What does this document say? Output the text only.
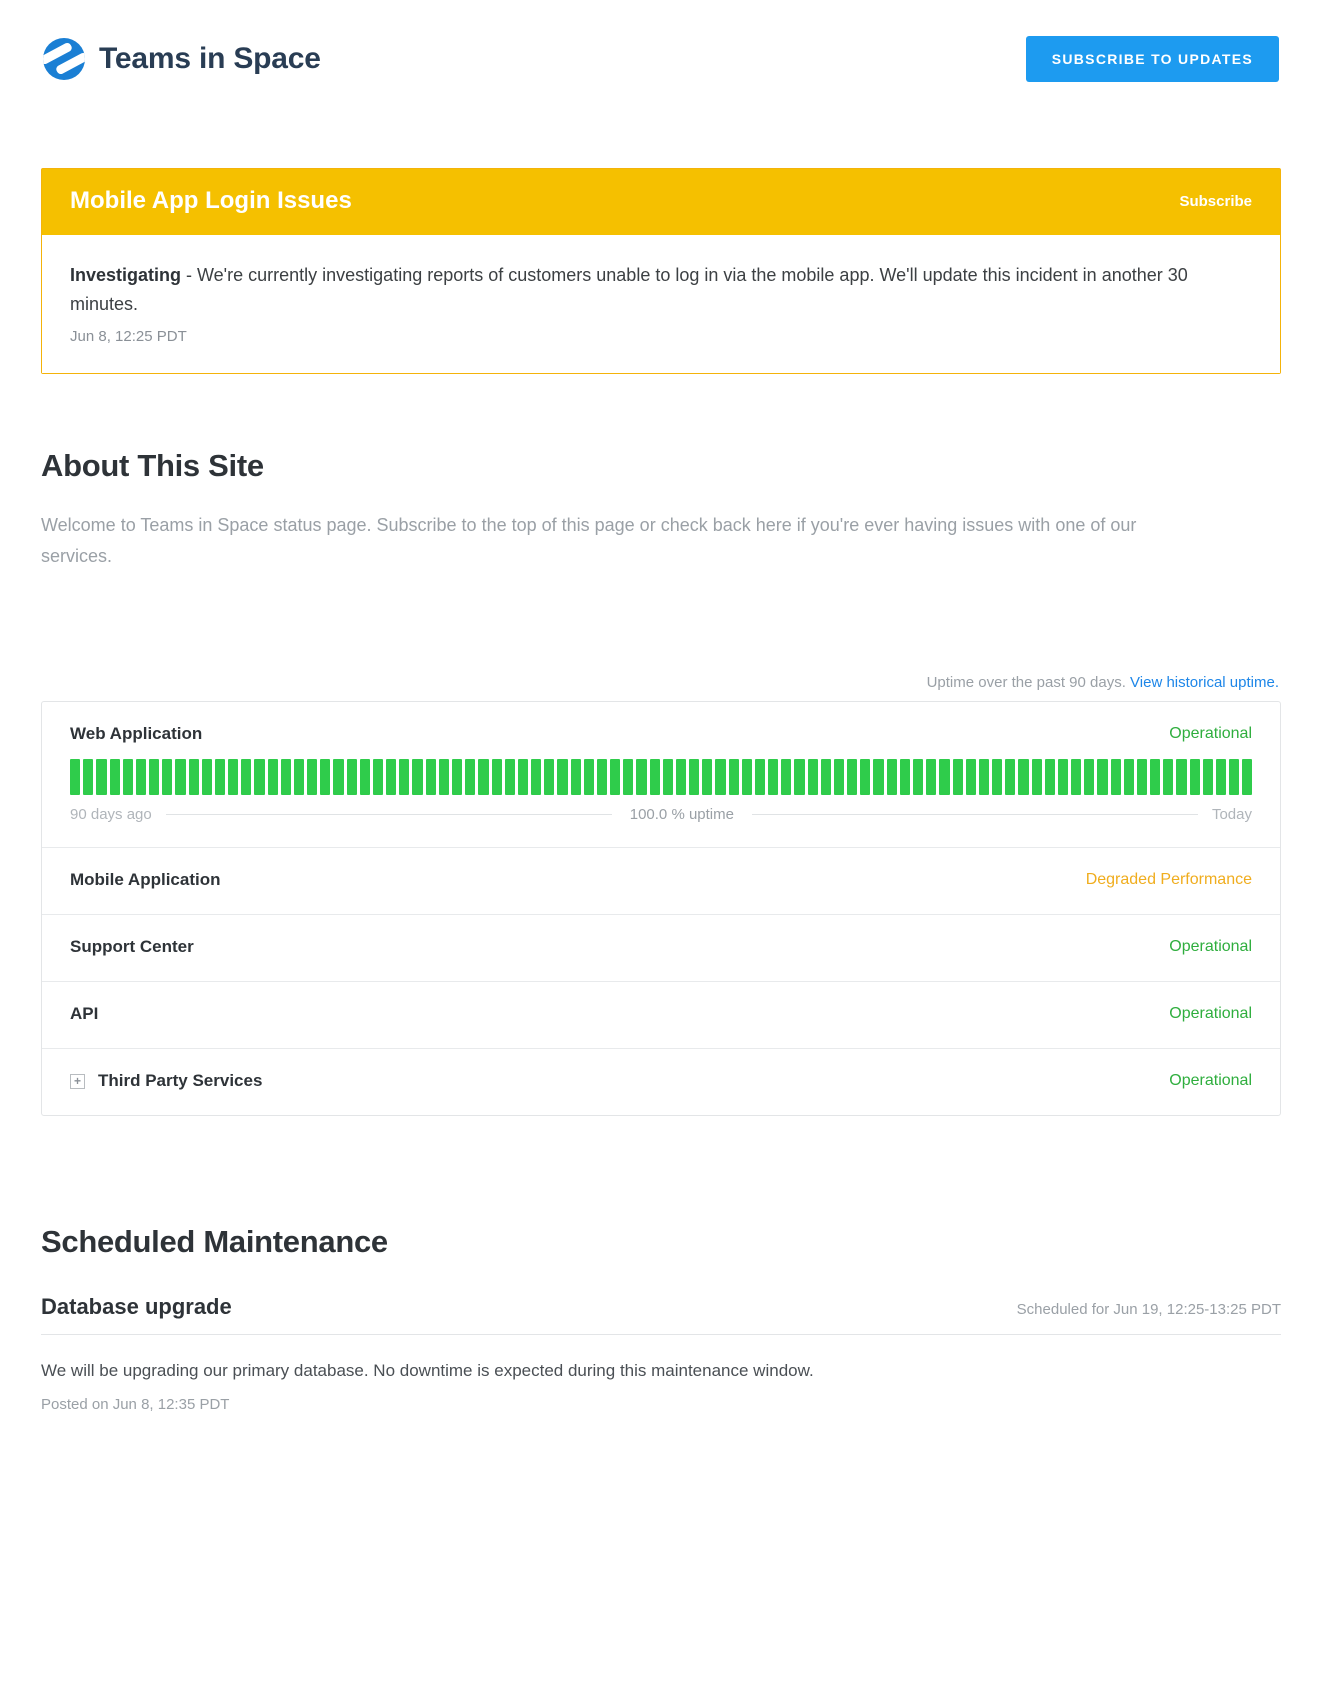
Teams in Space	SUBSCRIBE TO UPDATES
Mobile App Login Issues	Subscribe

Investigating - We're currently investigating reports of customers unable to log in via the mobile app. We'll update this incident in another 30 minutes.

Jun 8, 12:25 PDT
About This Site

Welcome to Teams in Space status page. Subscribe to the top of this page or check back here if you're ever having issues with one of our services.

Uptime over the past 90 days. View historical uptime.
Web Application	Operational
90 days ago	100.0 % uptime	Today
Mobile Application	Degraded Performance
Support Center	Operational
API	Operational
+ Third Party Services	Operational
Scheduled Maintenance
Database upgrade	Scheduled for Jun 19, 12:25-13:25 PDT
We will be upgrading our primary database. No downtime is expected during this maintenance window.
Posted on Jun 8, 12:35 PDT
